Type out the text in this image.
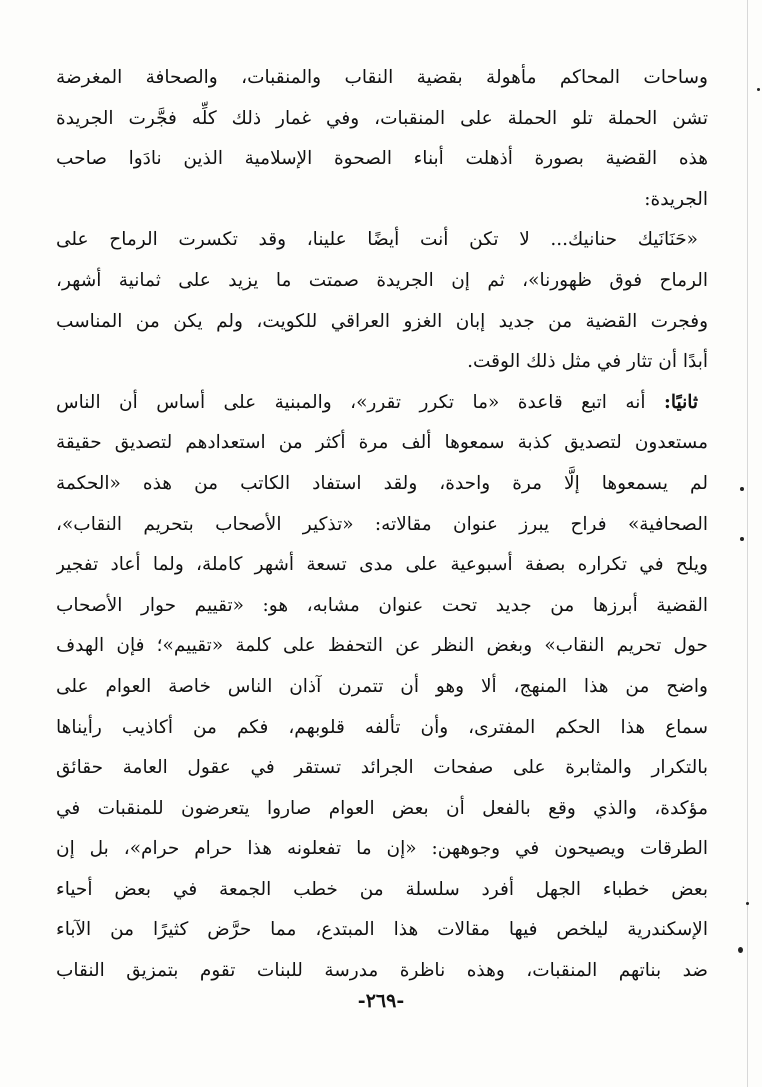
وساحات المحاكم مأهولة بقضية النقاب والمنقبات، والصحافة المغرضة
تشن الحملة تلو الحملة على المنقبات، وفي غمار ذلك كلِّه فجَّرت الجريدة
هذه القضية بصورة أذهلت أبناء الصحوة الإسلامية الذين نادَوا صاحب
الجريدة:
«حَنَانَيك حنانيك... لا تكن أنت أيضًا علينا، وقد تكسرت الرماح على
الرماح فوق ظهورنا»، ثم إن الجريدة صمتت ما يزيد على ثمانية أشهر،
وفجرت القضية من جديد إبان الغزو العراقي للكويت، ولم يكن من المناسب
أبدًا أن تثار في مثل ذلك الوقت.
ثانيًا: أنه اتبع قاعدة «ما تكرر تقرر»، والمبنية على أساس أن الناس
مستعدون لتصديق كذبة سمعوها ألف مرة أكثر من استعدادهم لتصديق حقيقة
لم يسمعوها إلَّا مرة واحدة، ولقد استفاد الكاتب من هذه «الحكمة
الصحافية» فراح يبرز عنوان مقالاته: «تذكير الأصحاب بتحريم النقاب»،
ويلح في تكراره بصفة أسبوعية على مدى تسعة أشهر كاملة، ولما أعاد تفجير
القضية أبرزها من جديد تحت عنوان مشابه، هو: «تقييم حوار الأصحاب
حول تحريم النقاب» وبغض النظر عن التحفظ على كلمة «تقييم»؛ فإن الهدف
واضح من هذا المنهج، ألا وهو أن تتمرن آذان الناس خاصة العوام على
سماع هذا الحكم المفترى، وأن تألفه قلوبهم، فكم من أكاذيب رأيناها
بالتكرار والمثابرة على صفحات الجرائد تستقر في عقول العامة حقائق
مؤكدة، والذي وقع بالفعل أن بعض العوام صاروا يتعرضون للمنقبات في
الطرقات ويصيحون في وجوههن: «إن ما تفعلونه هذا حرام حرام»، بل إن
بعض خطباء الجهل أفرد سلسلة من خطب الجمعة في بعض أحياء
الإسكندرية ليلخص فيها مقالات هذا المبتدع، مما حرَّض كثيرًا من الآباء
ضد بناتهم المنقبات، وهذه ناظرة مدرسة للبنات تقوم بتمزيق النقاب
-٢٦٩-
